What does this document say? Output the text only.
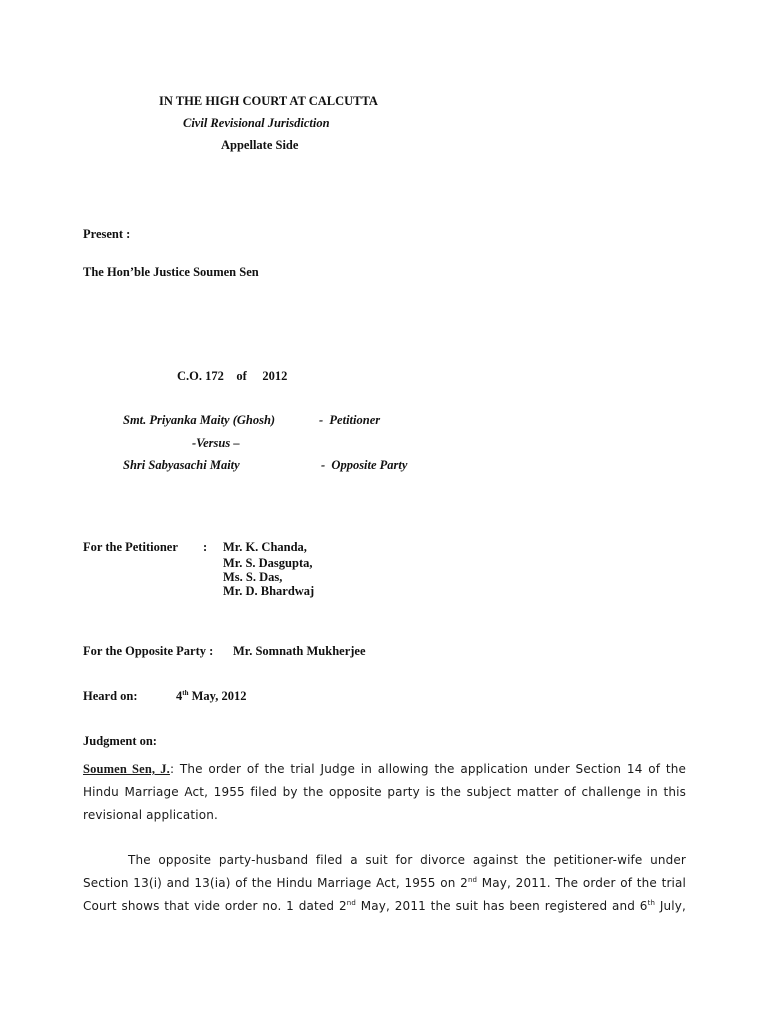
IN THE HIGH COURT AT CALCUTTA
Civil Revisional Jurisdiction
Appellate Side
Present :
The Hon’ble Justice Soumen Sen
C.O. 172    of     2012
Smt. Priyanka Maity (Ghosh)	-  Petitioner
-Versus –
Shri Sabyasachi Maity	-  Opposite Party
For the Petitioner : Mr. K. Chanda,
Mr. S. Dasgupta,
Ms. S. Das,
Mr. D. Bhardwaj
For the Opposite Party : Mr. Somnath Mukherjee
Heard on:	4th May, 2012
Judgment on:
Soumen Sen, J.: The order of the trial Judge in allowing the application under Section 14 of the
Hindu Marriage Act, 1955 filed by the opposite party is the subject matter of challenge in this
revisional application.
The opposite party-husband filed a suit for divorce against the petitioner-wife under
Section 13(i) and 13(ia) of the Hindu Marriage Act, 1955 on 2nd May, 2011. The order of the trial
Court shows that vide order no. 1 dated 2nd May, 2011 the suit has been registered and 6th July,
